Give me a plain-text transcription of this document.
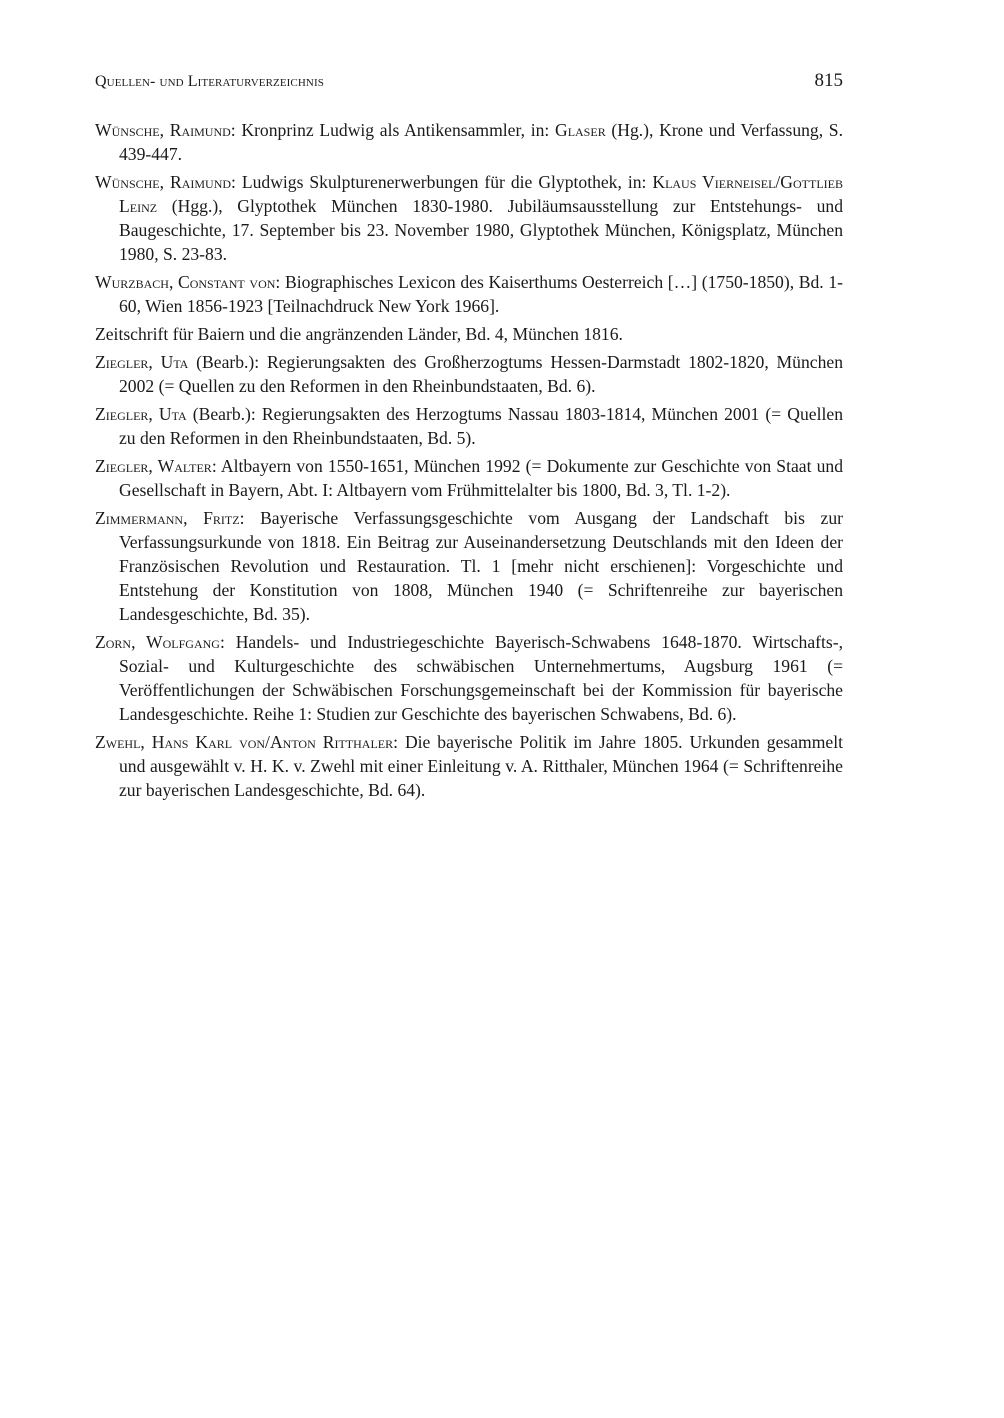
Quellen- und Literaturverzeichnis	815
Wünsche, Raimund: Kronprinz Ludwig als Antikensammler, in: Glaser (Hg.), Krone und Verfassung, S. 439-447.
Wünsche, Raimund: Ludwigs Skulpturenerwerbungen für die Glyptothek, in: Klaus Vierneisel/Gottlieb Leinz (Hgg.), Glyptothek München 1830-1980. Jubiläumsausstellung zur Entstehungs- und Baugeschichte, 17. September bis 23. November 1980, Glyptothek München, Königsplatz, München 1980, S. 23-83.
Wurzbach, Constant von: Biographisches Lexicon des Kaiserthums Oesterreich […] (1750-1850), Bd. 1-60, Wien 1856-1923 [Teilnachdruck New York 1966].
Zeitschrift für Baiern und die angränzenden Länder, Bd. 4, München 1816.
Ziegler, Uta (Bearb.): Regierungsakten des Großherzogtums Hessen-Darmstadt 1802-1820, München 2002 (= Quellen zu den Reformen in den Rheinbundstaaten, Bd. 6).
Ziegler, Uta (Bearb.): Regierungsakten des Herzogtums Nassau 1803-1814, München 2001 (= Quellen zu den Reformen in den Rheinbundstaaten, Bd. 5).
Ziegler, Walter: Altbayern von 1550-1651, München 1992 (= Dokumente zur Geschichte von Staat und Gesellschaft in Bayern, Abt. I: Altbayern vom Frühmittelalter bis 1800, Bd. 3, Tl. 1-2).
Zimmermann, Fritz: Bayerische Verfassungsgeschichte vom Ausgang der Landschaft bis zur Verfassungsurkunde von 1818. Ein Beitrag zur Auseinandersetzung Deutschlands mit den Ideen der Französischen Revolution und Restauration. Tl. 1 [mehr nicht erschienen]: Vorgeschichte und Entstehung der Konstitution von 1808, München 1940 (= Schriftenreihe zur bayerischen Landesgeschichte, Bd. 35).
Zorn, Wolfgang: Handels- und Industriegeschichte Bayerisch-Schwabens 1648-1870. Wirtschafts-, Sozial- und Kulturgeschichte des schwäbischen Unternehmertums, Augsburg 1961 (= Veröffentlichungen der Schwäbischen Forschungsgemeinschaft bei der Kommission für bayerische Landesgeschichte. Reihe 1: Studien zur Geschichte des bayerischen Schwabens, Bd. 6).
Zwehl, Hans Karl von/Anton Ritthaler: Die bayerische Politik im Jahre 1805. Urkunden gesammelt und ausgewählt v. H. K. v. Zwehl mit einer Einleitung v. A. Ritthaler, München 1964 (= Schriftenreihe zur bayerischen Landesgeschichte, Bd. 64).
